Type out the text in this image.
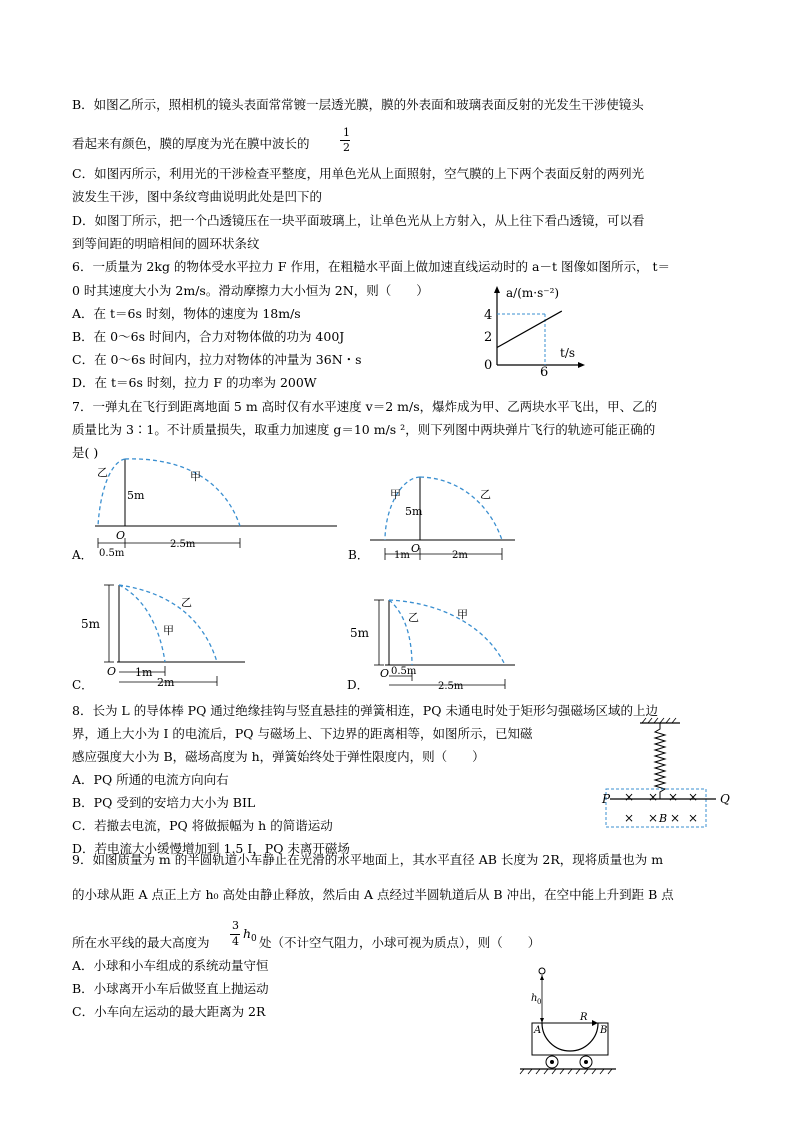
B．如图乙所示，照相机的镜头表面常常镀一层透光膜，膜的外表面和玻璃表面反射的光发生干涉使镜头
看起来有颜色，膜的厚度为光在膜中波长的
1
2
C．如图丙所示，利用光的干涉检查平整度，用单色光从上面照射，空气膜的上下两个表面反射的两列光
波发生干涉，图中条纹弯曲说明此处是凹下的
D．如图丁所示，把一个凸透镜压在一块平面玻璃上，让单色光从上方射入，从上往下看凸透镜，可以看
到等间距的明暗相间的圆环状条纹
6．一质量为 2kg 的物体受水平拉力 F 作用，在粗糙水平面上做加速直线运动时的 a－t 图像如图所示， t＝
0 时其速度大小为 2m/s。滑动摩擦力大小恒为 2N，则（　　）
A．在 t＝6s 时刻，物体的速度为 18m/s
B．在 0～6s 时间内，合力对物体做的功为 400J
C．在 0～6s 时间内，拉力对物体的冲量为 36N・s
D．在 t＝6s 时刻，拉力 F 的功率为 200W
7．一弹丸在飞行到距离地面 5 m 高时仅有水平速度 v＝2 m/s，爆炸成为甲、乙两块水平飞出，甲、乙的
质量比为 3∶1。不计质量损失，取重力加速度 g＝10 m/s ²，则下列图中两块弹片飞行的轨迹可能正确的
是( )
8．长为 L 的导体棒 PQ 通过绝缘挂钩与竖直悬挂的弹簧相连，PQ 未通电时处于矩形匀强磁场区域的上边
界，通上大小为 I 的电流后，PQ 与磁场上、下边界的距离相等，如图所示，已知磁
感应强度大小为 B，磁场高度为 h，弹簧始终处于弹性限度内，则（　　）
A．PQ 所通的电流方向向右
B．PQ 受到的安培力大小为 BIL
C．若撤去电流，PQ 将做振幅为 h 的简谐运动
D．若电流大小缓慢增加到 1.5 I，PQ 未离开磁场
9．如图质量为 m 的半圆轨道小车静止在光滑的水平地面上，其水平直径 AB 长度为 2R，现将质量也为 m
的小球从距 A 点正上方 h₀ 高处由静止释放，然后由 A 点经过半圆轨道后从 B 冲出，在空中能上升到距 B 点
所在水平线的最大高度为
3
4
h 0 处（不计空气阻力，小球可视为质点），则（　　）
A．小球和小车组成的系统动量守恒
B．小球离开小车后做竖直上抛运动
C．小车向左运动的最大距离为 2R
a/(m·s⁻²)
t/s
4
2
0	6
甲
乙
5m
O
0.5m
2.5m
A．
甲	乙
5m
O
1m	2m
B．
甲
乙
5m
O 1m
2m
C．
甲
乙
5m
O 0.5m
2.5m
D．
P	Q
× × × ×
× × B × ×
h 0
A	B
R
